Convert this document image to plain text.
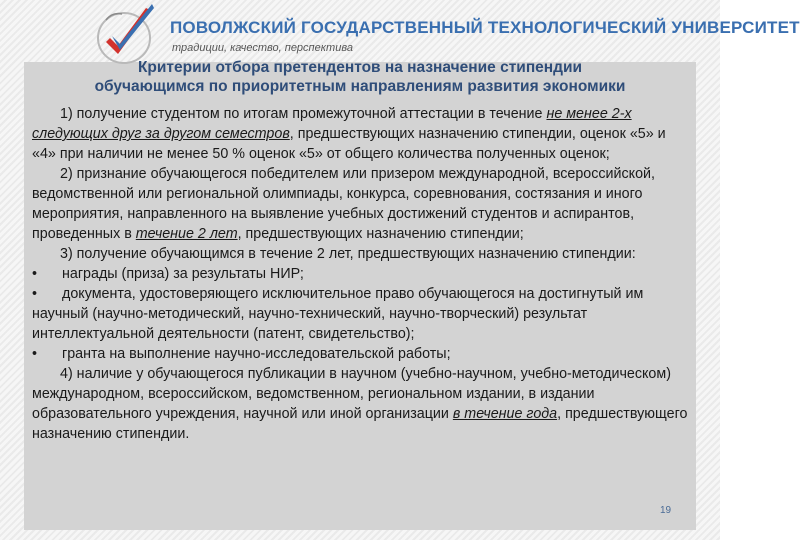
ПОВОЛЖСКИЙ ГОСУДАРСТВЕННЫЙ ТЕХНОЛОГИЧЕСКИЙ УНИВЕРСИТЕТ
традиции, качество, перспектива
Критерии отбора претендентов на назначение стипендии
обучающимся по приоритетным направлениям развития экономики

1) получение студентом по итогам промежуточной аттестации в течение не менее 2-х следующих друг за другом семестров, предшествующих назначению стипендии, оценок «5» и «4» при наличии не менее 50 % оценок «5» от общего количества полученных оценок;

2) признание обучающегося победителем или призером международной, всероссийской, ведомственной или региональной олимпиады, конкурса, соревнования, состязания и иного мероприятия, направленного на выявление учебных достижений студентов и аспирантов, проведенных в течение 2 лет, предшествующих назначению стипендии;

3) получение обучающимся в течение 2 лет, предшествующих назначению стипендии:

• награды (приза) за результаты НИР;

• документа, удостоверяющего исключительное право обучающегося на достигнутый им научный (научно-методический, научно-технический, научно-творческий) результат интеллектуальной деятельности (патент, свидетельство);

• гранта на выполнение научно-исследовательской работы;

4) наличие у обучающегося публикации в научном (учебно-научном, учебно-методическом) международном, всероссийском, ведомственном, региональном издании, в издании образовательного учреждения, научной или иной организации в течение года, предшествующего назначению стипендии.

19
